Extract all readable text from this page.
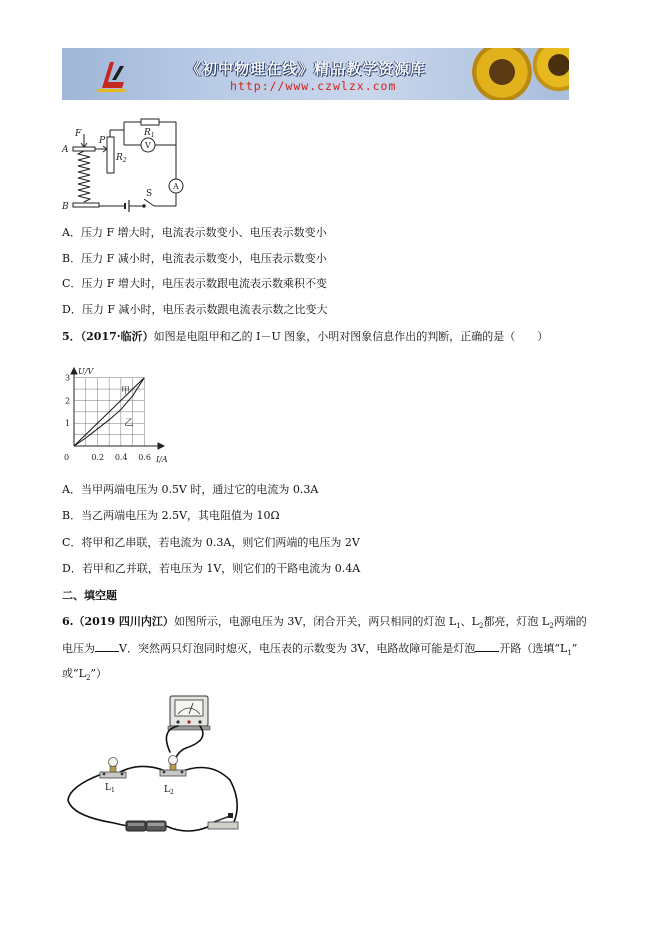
《初中物理在线》精品教学资源库
http://www.czwlzx.com
F
A
B
P
$R_1$
$R_2$
V
A
S
A．压力 F 增大时，电流表示数变小、电压表示数变小
B．压力 F 减小时，电流表示数变小，电压表示数变小
C．压力 F 增大时，电压表示数跟电流表示数乘积不变
D．压力 F 减小时，电压表示数跟电流表示数之比变大
5．（2017·临沂）如图是电阻甲和乙的 I－U 图象，小明对图象信息作出的判断，正确的是（　　）
0.2 0.4 0.6
1
2
3
U/V
I/A
0
甲
乙
A．当甲两端电压为 0.5V 时，通过它的电流为 0.3A
B．当乙两端电压为 2.5V，其电阻值为 10Ω
C．将甲和乙串联，若电流为 0.3A，则它们两端的电压为 2V
D．若甲和乙并联，若电压为 1V，则它们的干路电流为 0.4A
二、填空题
6.（2019 四川内江）如图所示，电源电压为 3V，闭合开关，两只相同的灯泡 $L_1$、$L_2$都亮，灯泡 $L_2$两端的
电压为 V．突然两只灯泡同时熄灭，电压表的示数变为 3V，电路故障可能是灯泡 开路（选填“$L_1$”
或“$L_2$”）
$L_1$	$L_2$
